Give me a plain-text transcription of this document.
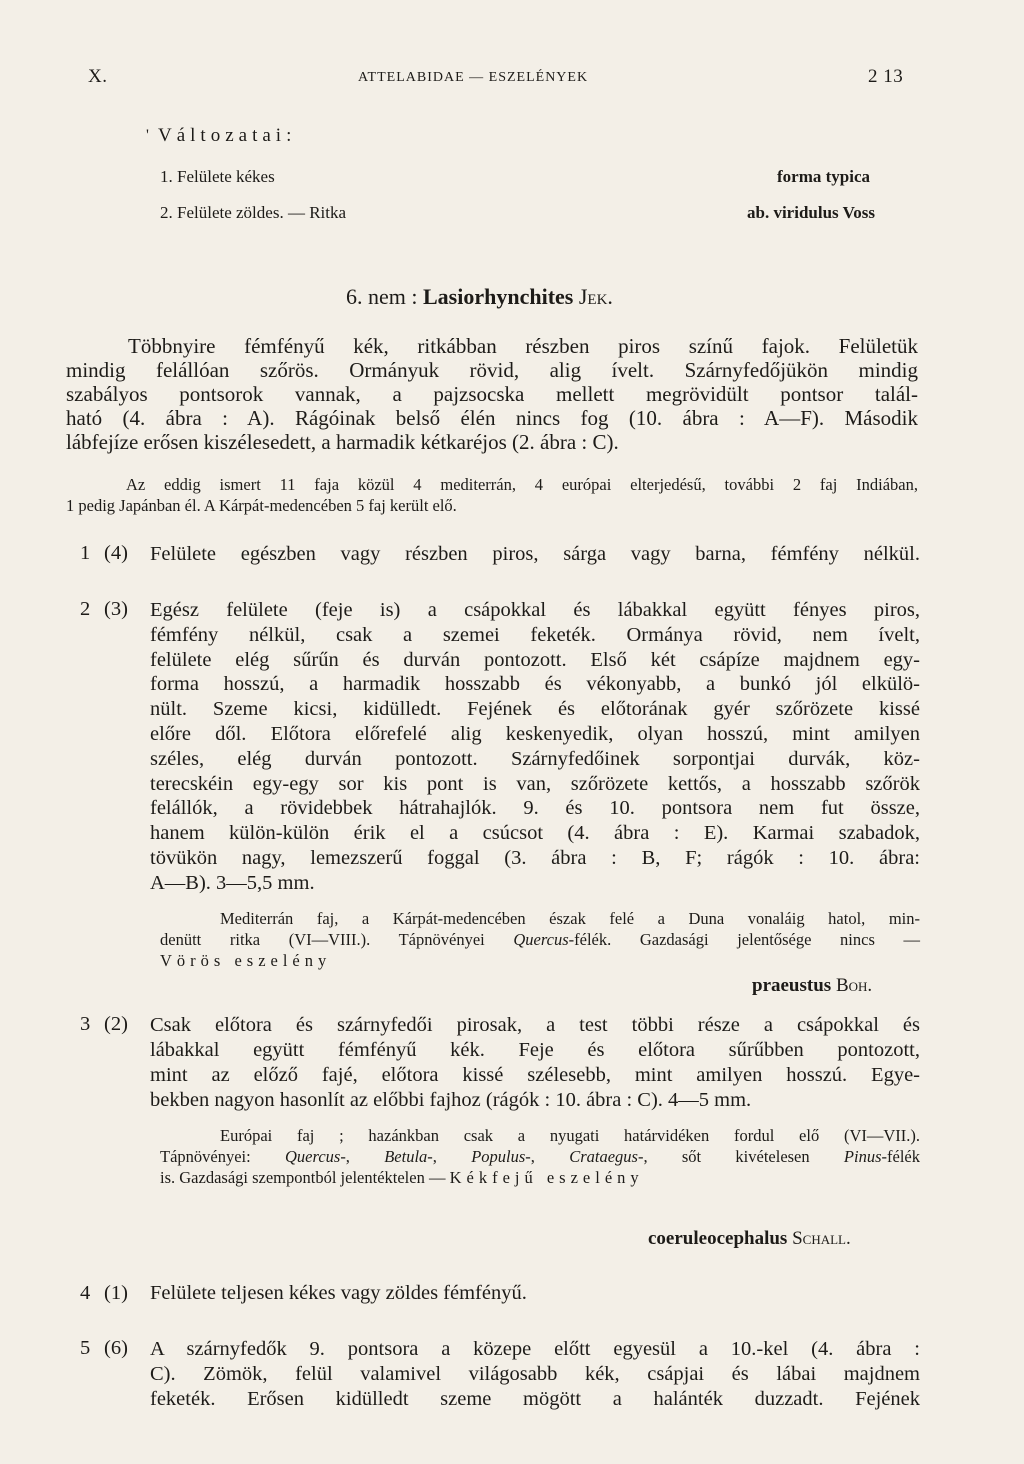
X.	ATTELABIDAE — ESZELÉNYEK	2 13
' Változatai:
1. Felülete kékes	forma typica
2. Felülete zöldes. — Ritka	ab. viridulus Voss
6. nem : Lasiorhynchites Jek.
Többnyire fémfényű kék, ritkábban részben piros színű fajok. Felületük
mindig felállóan szőrös. Ormányuk rövid, alig ívelt. Szárnyfedőjükön mindig
szabályos pontsorok vannak, a pajzsocska mellett megrövidült pontsor talál-
ható (4. ábra : A). Rágóinak belső élén nincs fog (10. ábra : A—F). Második
lábfejíze erősen kiszélesedett, a harmadik kétkaréjos (2. ábra : C).
Az eddig ismert 11 faja közül 4 mediterrán, 4 európai elterjedésű, további 2 faj Indiában,
1 pedig Japánban él. A Kárpát-medencében 5 faj került elő.
1 (4) Felülete egészben vagy részben piros, sárga vagy barna, fémfény nélkül.
2 (3) Egész felülete (feje is) a csápokkal és lábakkal együtt fényes piros,
fémfény nélkül, csak a szemei feketék. Ormánya rövid, nem ívelt,
felülete elég sűrűn és durván pontozott. Első két csápíze majdnem egy-
forma hosszú, a harmadik hosszabb és vékonyabb, a bunkó jól elkülö-
nült. Szeme kicsi, kidülledt. Fejének és előtorának gyér szőrözete kissé
előre dől. Előtora előrefelé alig keskenyedik, olyan hosszú, mint amilyen
széles, elég durván pontozott. Szárnyfedőinek sorpontjai durvák, köz-
terecskéin egy-egy sor kis pont is van, szőrözete kettős, a hosszabb szőrök
felállók, a rövidebbek hátrahajlók. 9. és 10. pontsora nem fut össze,
hanem külön-külön érik el a csúcsot (4. ábra : E). Karmai szabadok,
tövükön nagy, lemezszerű foggal (3. ábra : B, F; rágók : 10. ábra:
A—B). 3—5,5 mm.
Mediterrán faj, a Kárpát-medencében észak felé a Duna vonaláig hatol, min-
denütt ritka (VI—VIII.). Tápnövényei Quercus-félék. Gazdasági jelentősége nincs —
Vörös eszelény
praeustus Boh.
3 (2) Csak előtora és szárnyfedői pirosak, a test többi része a csápokkal és
lábakkal együtt fémfényű kék. Feje és előtora sűrűbben pontozott,
mint az előző fajé, előtora kissé szélesebb, mint amilyen hosszú. Egye-
bekben nagyon hasonlít az előbbi fajhoz (rágók : 10. ábra : C). 4—5 mm.
Európai faj ; hazánkban csak a nyugati határvidéken fordul elő (VI—VII.).
Tápnövényei: Quercus-, Betula-, Populus-, Crataegus-, sőt kivételesen Pinus-félék
is. Gazdasági szempontból jelentéktelen — Kékfejű eszelény
coeruleocephalus Schall.
4 (1) Felülete teljesen kékes vagy zöldes fémfényű.
5 (6) A szárnyfedők 9. pontsora a közepe előtt egyesül a 10.-kel (4. ábra :
C). Zömök, felül valamivel világosabb kék, csápjai és lábai majdnem
feketék. Erősen kidülledt szeme mögött a halánték duzzadt. Fejének
